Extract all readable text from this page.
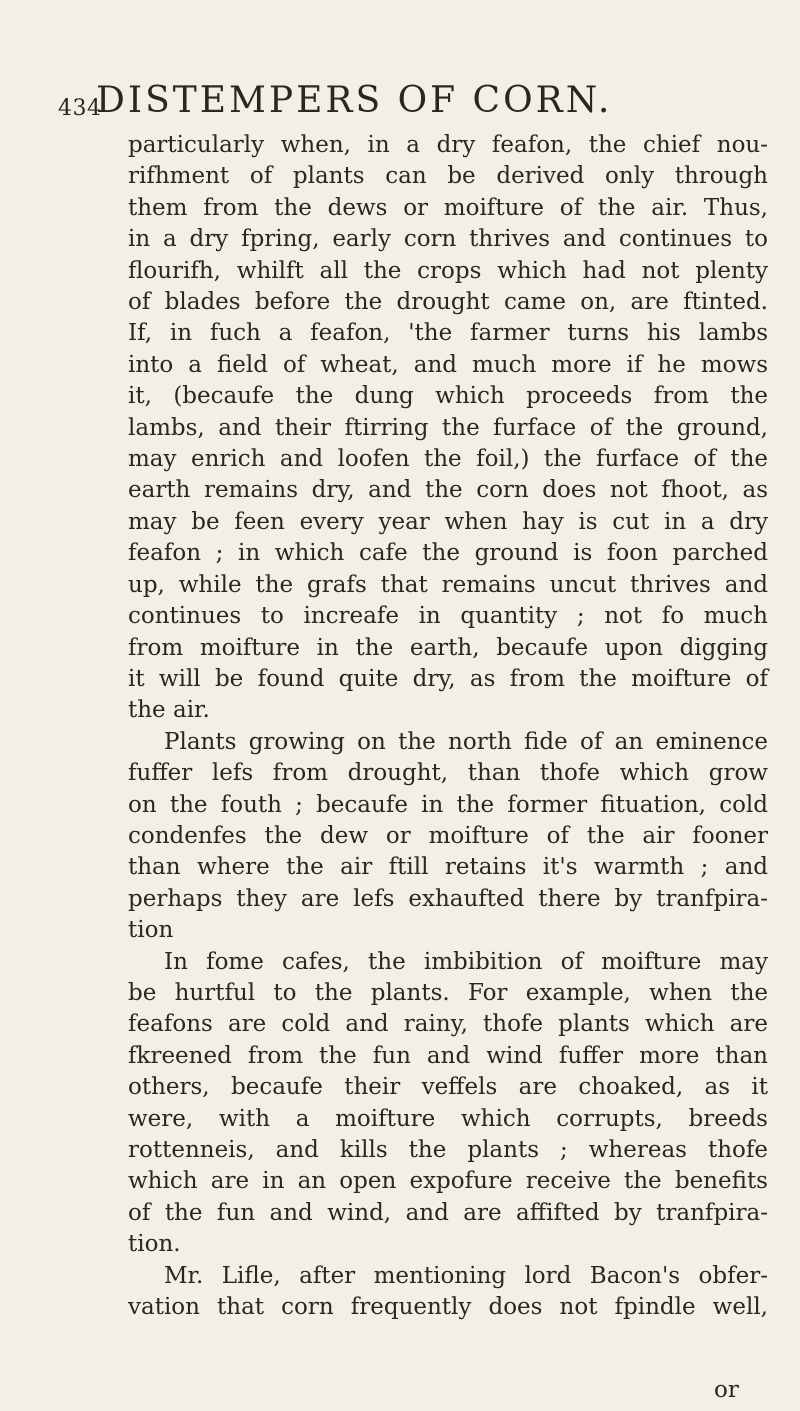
434
DISTEMPERS OF CORN.
particularly when, in a dry feafon, the chief nou-
rifhment of plants can be derived only through
them from the dews or moifture of the air. Thus,
in a dry fpring, early corn thrives and continues to
flourifh, whilft all the crops which had not plenty
of blades before the drought came on, are ftinted.
If, in fuch a feafon, 'the farmer turns his lambs
into a field of wheat, and much more if he mows
it, (becaufe the dung which proceeds from the
lambs, and their ftirring the furface of the ground,
may enrich and loofen the foil,) the furface of the
earth remains dry, and the corn does not fhoot, as
may be feen every year when hay is cut in a dry
feafon ; in which cafe the ground is foon parched
up, while the grafs that remains uncut thrives and
continues to increafe in quantity ; not fo much
from moifture in the earth, becaufe upon digging
it will be found quite dry, as from the moifture of
the air.
Plants growing on the north fide of an eminence
fuffer lefs from drought, than thofe which grow
on the fouth ; becaufe in the former fituation, cold
condenfes the dew or moifture of the air fooner
than where the air ftill retains it's warmth ; and
perhaps they are lefs exhaufted there by tranfpira-
tion
In fome cafes, the imbibition of moifture may
be hurtful to the plants. For example, when the
feafons are cold and rainy, thofe plants which are
fkreened from the fun and wind fuffer more than
others, becaufe their veffels are choaked, as it
were, with a moifture which corrupts, breeds
rottenneis, and kills the plants ; whereas thofe
which are in an open expofure receive the benefits
of the fun and wind, and are affifted by tranfpira-
tion.
Mr. Lifle, after mentioning lord Bacon's obfer-
vation that corn frequently does not fpindle well,
or
